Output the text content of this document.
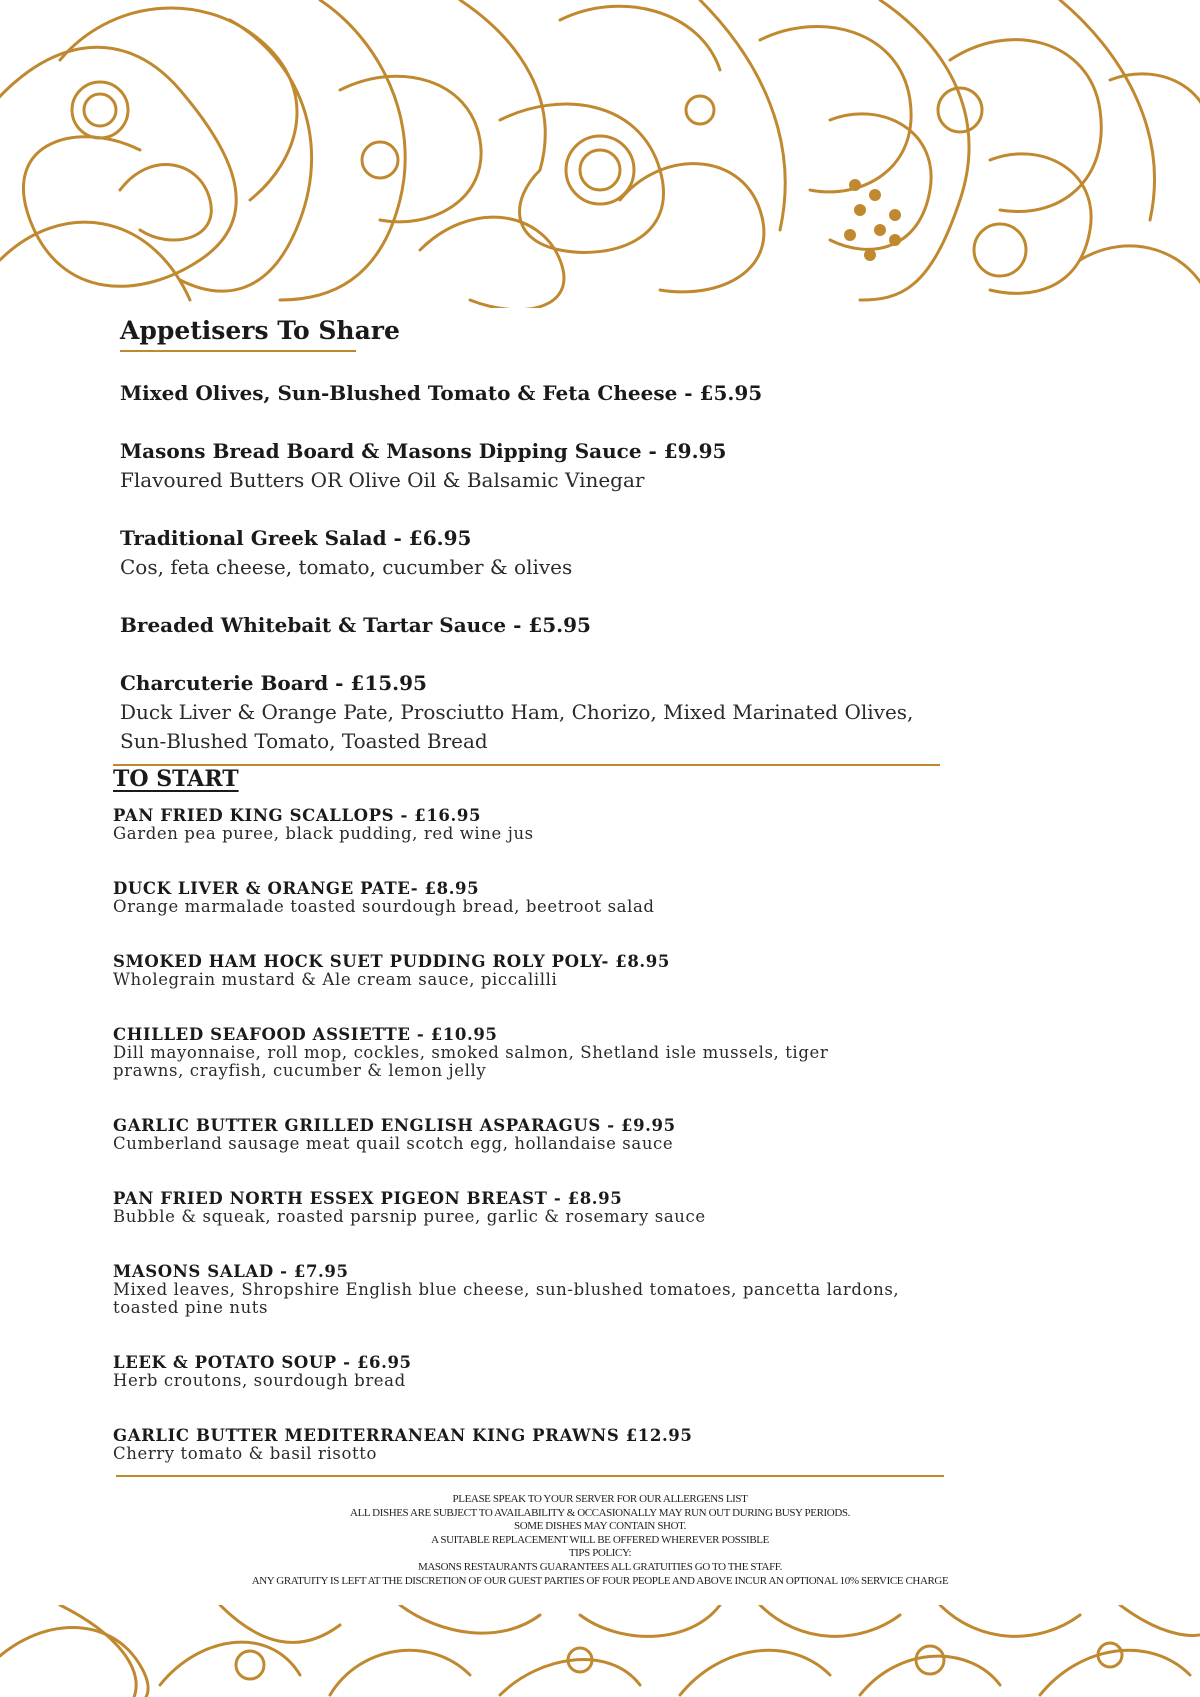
Appetisers To Share
Mixed Olives, Sun-Blushed Tomato & Feta Cheese - £5.95
Masons Bread Board & Masons Dipping Sauce - £9.95
Flavoured Butters OR Olive Oil & Balsamic Vinegar
Traditional Greek Salad - £6.95
Cos, feta cheese, tomato, cucumber & olives
Breaded Whitebait & Tartar Sauce - £5.95
Charcuterie Board - £15.95
Duck Liver & Orange Pate, Prosciutto Ham, Chorizo, Mixed Marinated Olives, Sun-Blushed Tomato, Toasted Bread
TO START
PAN FRIED KING SCALLOPS - £16.95
Garden pea puree, black pudding, red wine jus
DUCK LIVER & ORANGE PATE- £8.95
Orange marmalade toasted sourdough bread, beetroot salad
SMOKED HAM HOCK SUET PUDDING ROLY POLY- £8.95
Wholegrain mustard & Ale cream sauce, piccalilli
CHILLED SEAFOOD ASSIETTE - £10.95
Dill mayonnaise, roll mop, cockles, smoked salmon, Shetland isle mussels, tiger prawns, crayfish, cucumber & lemon jelly
GARLIC BUTTER GRILLED ENGLISH ASPARAGUS - £9.95
Cumberland sausage meat quail scotch egg, hollandaise sauce
PAN FRIED NORTH ESSEX PIGEON BREAST - £8.95
Bubble & squeak, roasted parsnip puree, garlic & rosemary sauce
MASONS SALAD - £7.95
Mixed leaves, Shropshire English blue cheese, sun-blushed tomatoes, pancetta lardons, toasted pine nuts
LEEK & POTATO SOUP - £6.95
Herb croutons, sourdough bread
GARLIC BUTTER MEDITERRANEAN KING PRAWNS £12.95
Cherry tomato & basil risotto
PLEASE SPEAK TO YOUR SERVER FOR OUR ALLERGENS LIST
ALL DISHES ARE SUBJECT TO AVAILABILITY & OCCASIONALLY MAY RUN OUT DURING BUSY PERIODS.
SOME DISHES MAY CONTAIN SHOT.
A SUITABLE REPLACEMENT WILL BE OFFERED WHEREVER POSSIBLE
TIPS POLICY:
MASONS RESTAURANTS GUARANTEES ALL GRATUITIES GO TO THE STAFF.
ANY GRATUITY IS LEFT AT THE DISCRETION OF OUR GUEST PARTIES OF FOUR PEOPLE AND ABOVE INCUR AN OPTIONAL 10% SERVICE CHARGE
